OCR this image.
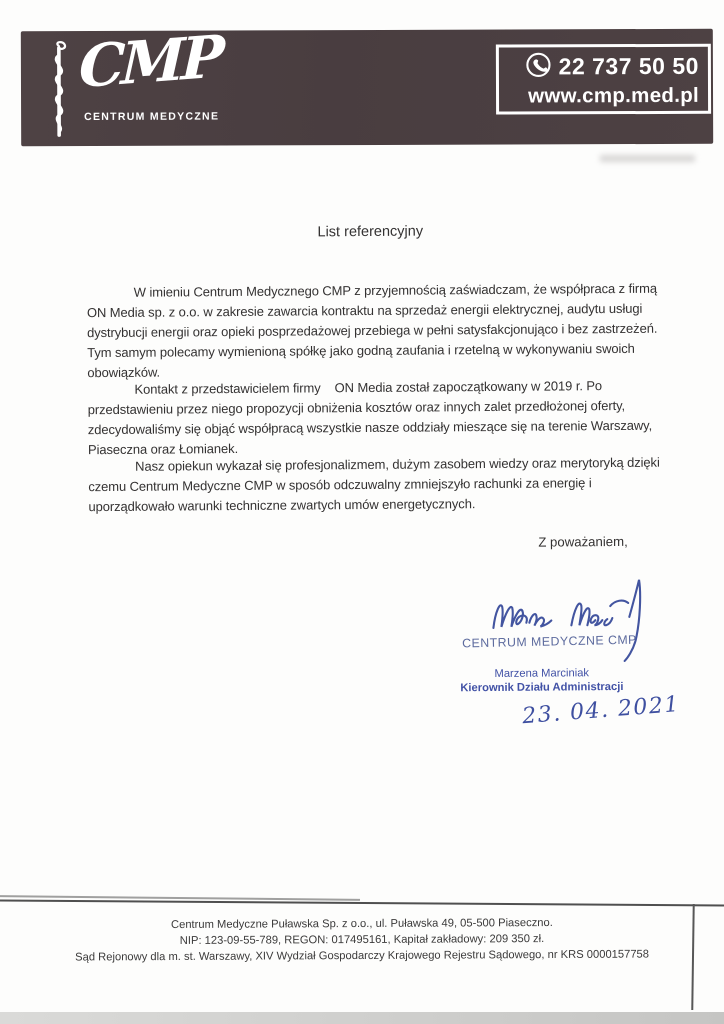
CMP
CENTRUM MEDYCZNE
22 737 50 50
www.cmp.med.pl
List referencyjny

W imieniu Centrum Medycznego CMP z przyjemnością zaświadczam, że współpraca z firmą
ON Media sp. z o.o. w zakresie zawarcia kontraktu na sprzedaż energii elektrycznej, audytu usługi
dystrybucji energii oraz opieki posprzedażowej przebiega w pełni satysfakcjonująco i bez zastrzeżeń.
Tym samym polecamy wymienioną spółkę jako godną zaufania i rzetelną w wykonywaniu swoich
obowiązków.

Kontakt z przedstawicielem firmy    ON Media został zapoczątkowany w 2019 r. Po
przedstawieniu przez niego propozycji obniżenia kosztów oraz innych zalet przedłożonej oferty,
zdecydowaliśmy się objąć współpracą wszystkie nasze oddziały mieszące się na terenie Warszawy,
Piaseczna oraz Łomianek.

Nasz opiekun wykazał się profesjonalizmem, dużym zasobem wiedzy oraz merytoryką dzięki
czemu Centrum Medyczne CMP w sposób odczuwalny zmniejszyło rachunki za energię i
uporządkowało warunki techniczne zwartych umów energetycznych.

Z poważaniem,
CENTRUM MEDYCZNE CMP
Marzena Marciniak
Kierownik Działu Administracji
23. 04. 2021
Centrum Medyczne Puławska Sp. z o.o., ul. Puławska 49, 05-500 Piaseczno.
NIP: 123-09-55-789, REGON: 017495161, Kapitał zakładowy: 209 350 zł.
Sąd Rejonowy dla m. st. Warszawy, XIV Wydział Gospodarczy Krajowego Rejestru Sądowego, nr KRS 0000157758
